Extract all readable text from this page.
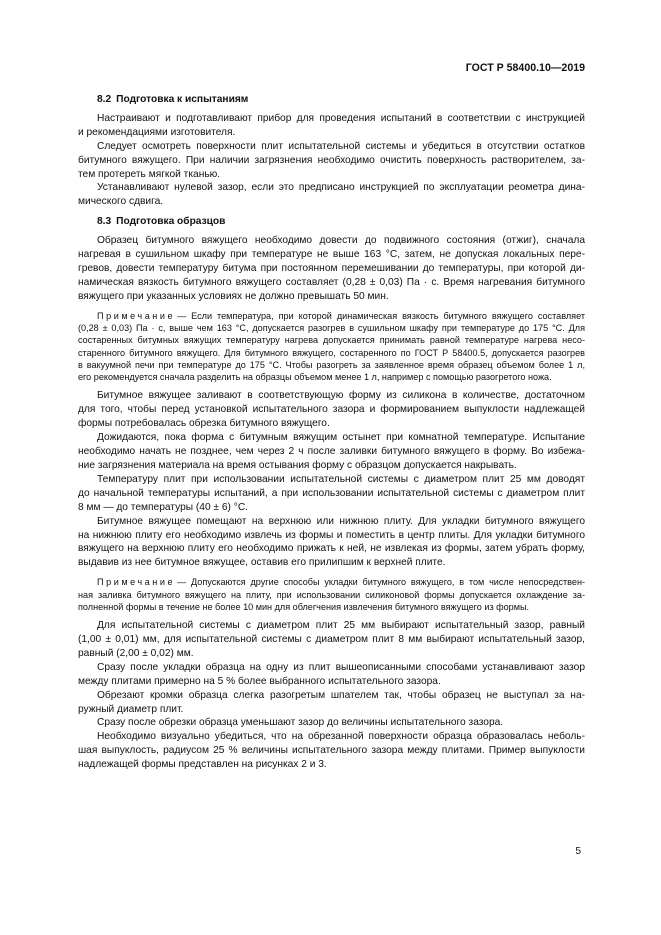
ГОСТ Р 58400.10—2019
8.2 Подготовка к испытаниям
Настраивают и подготавливают прибор для проведения испытаний в соответствии с инструкцией
и рекомендациями изготовителя.
Следует осмотреть поверхности плит испытательной системы и убедиться в отсутствии остатков
битумного вяжущего. При наличии загрязнения необходимо очистить поверхность растворителем, за-
тем протереть мягкой тканью.
Устанавливают нулевой зазор, если это предписано инструкцией по эксплуатации реометра дина-
мического сдвига.
8.3 Подготовка образцов
Образец битумного вяжущего необходимо довести до подвижного состояния (отжиг), сначала
нагревая в сушильном шкафу при температуре не выше 163 °С, затем, не допуская локальных пере-
гревов, довести температуру битума при постоянном перемешивании до температуры, при которой ди-
намическая вязкость битумного вяжущего составляет (0,28 ± 0,03) Па · с. Время нагревания битумного
вяжущего при указанных условиях не должно превышать 50 мин.
Примечание — Если температура, при которой динамическая вязкость битумного вяжущего составляет
(0,28 ± 0,03) Па · с, выше чем 163 °С, допускается разогрев в сушильном шкафу при температуре до 175 °С. Для
состаренных битумных вяжущих температуру нагрева допускается принимать равной температуре нагрева несо-
старенного битумного вяжущего. Для битумного вяжущего, состаренного по ГОСТ Р 58400.5, допускается разогрев
в вакуумной печи при температуре до 175 °С. Чтобы разогреть за заявленное время образец объемом более 1 л,
его рекомендуется сначала разделить на образцы объемом менее 1 л, например с помощью разогретого ножа.
Битумное вяжущее заливают в соответствующую форму из силикона в количестве, достаточном
для того, чтобы перед установкой испытательного зазора и формированием выпуклости надлежащей
формы потребовалась обрезка битумного вяжущего.
Дожидаются, пока форма с битумным вяжущим остынет при комнатной температуре. Испытание
необходимо начать не позднее, чем через 2 ч после заливки битумного вяжущего в форму. Во избежа-
ние загрязнения материала на время остывания форму с образцом допускается накрывать.
Температуру плит при использовании испытательной системы с диаметром плит 25 мм доводят
до начальной температуры испытаний, а при использовании испытательной системы с диаметром плит
8 мм — до температуры (40 ± 6) °С.
Битумное вяжущее помещают на верхнюю или нижнюю плиту. Для укладки битумного вяжущего
на нижнюю плиту его необходимо извлечь из формы и поместить в центр плиты. Для укладки битумного
вяжущего на верхнюю плиту его необходимо прижать к ней, не извлекая из формы, затем убрать форму,
выдавив из нее битумное вяжущее, оставив его прилипшим к верхней плите.
Примечание — Допускаются другие способы укладки битумного вяжущего, в том числе непосредствен-
ная заливка битумного вяжущего на плиту, при использовании силиконовой формы допускается охлаждение за-
полненной формы в течение не более 10 мин для облегчения извлечения битумного вяжущего из формы.
Для испытательной системы с диаметром плит 25 мм выбирают испытательный зазор, равный
(1,00 ± 0,01) мм, для испытательной системы с диаметром плит 8 мм выбирают испытательный зазор,
равный (2,00 ± 0,02) мм.
Сразу после укладки образца на одну из плит вышеописанными способами устанавливают зазор
между плитами примерно на 5 % более выбранного испытательного зазора.
Обрезают кромки образца слегка разогретым шпателем так, чтобы образец не выступал за на-
ружный диаметр плит.
Сразу после обрезки образца уменьшают зазор до величины испытательного зазора.
Необходимо визуально убедиться, что на обрезанной поверхности образца образовалась неболь-
шая выпуклость, радиусом 25 % величины испытательного зазора между плитами. Пример выпуклости
надлежащей формы представлен на рисунках 2 и 3.
5
